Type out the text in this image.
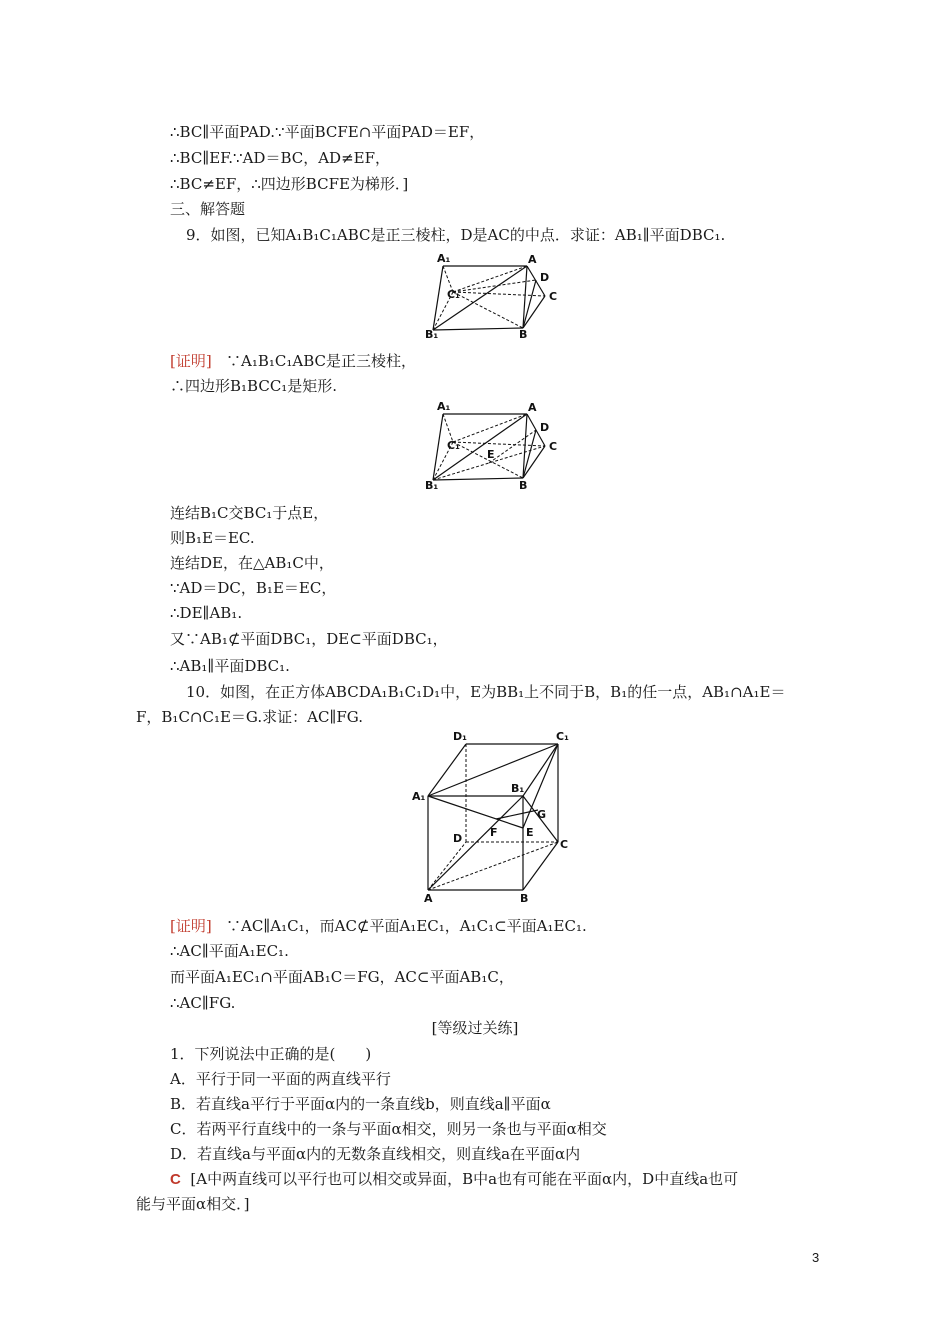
∴BC∥平面PAD.∵平面BCFE∩平面PAD＝EF，
∴BC∥EF.∵AD＝BC，AD≠EF，
∴BC≠EF，∴四边形BCFE为梯形．]
三、解答题
9．如图，已知A₁B₁C₁ABC是正三棱柱，D是AC的中点．求证：AB₁∥平面DBC₁.
A₁	A
D
C₁	C
B₁	B
[证明] ∵A₁B₁C₁ABC是正三棱柱，
∴四边形B₁BCC₁是矩形.
A₁	A
D
C₁
E
C
B₁	B
连结B₁C交BC₁于点E，
则B₁E＝EC.
连结DE，在△AB₁C中，
∵AD＝DC，B₁E＝EC，
∴DE∥AB₁.
又∵AB₁⊄平面DBC₁，DE⊂平面DBC₁，
∴AB₁∥平面DBC₁.
10．如图，在正方体ABCDA₁B₁C₁D₁中，E为BB₁上不同于B，B₁的任一点，AB₁∩A₁E＝
F，B₁C∩C₁E＝G.求证：AC∥FG.
D₁	C₁
B₁
A₁
G
D	F	E
C
A	B
[证明] ∵AC∥A₁C₁，而AC⊄平面A₁EC₁，A₁C₁⊂平面A₁EC₁.
∴AC∥平面A₁EC₁.
而平面A₁EC₁∩平面AB₁C＝FG，AC⊂平面AB₁C，
∴AC∥FG.
[等级过关练]
1．下列说法中正确的是(　　)
A．平行于同一平面的两直线平行
B．若直线a平行于平面α内的一条直线b，则直线a∥平面α
C．若两平行直线中的一条与平面α相交，则另一条也与平面α相交
D．若直线a与平面α内的无数条直线相交，则直线a在平面α内
C [A中两直线可以平行也可以相交或异面，B中a也有可能在平面α内，D中直线a也可
能与平面α相交．]
3
